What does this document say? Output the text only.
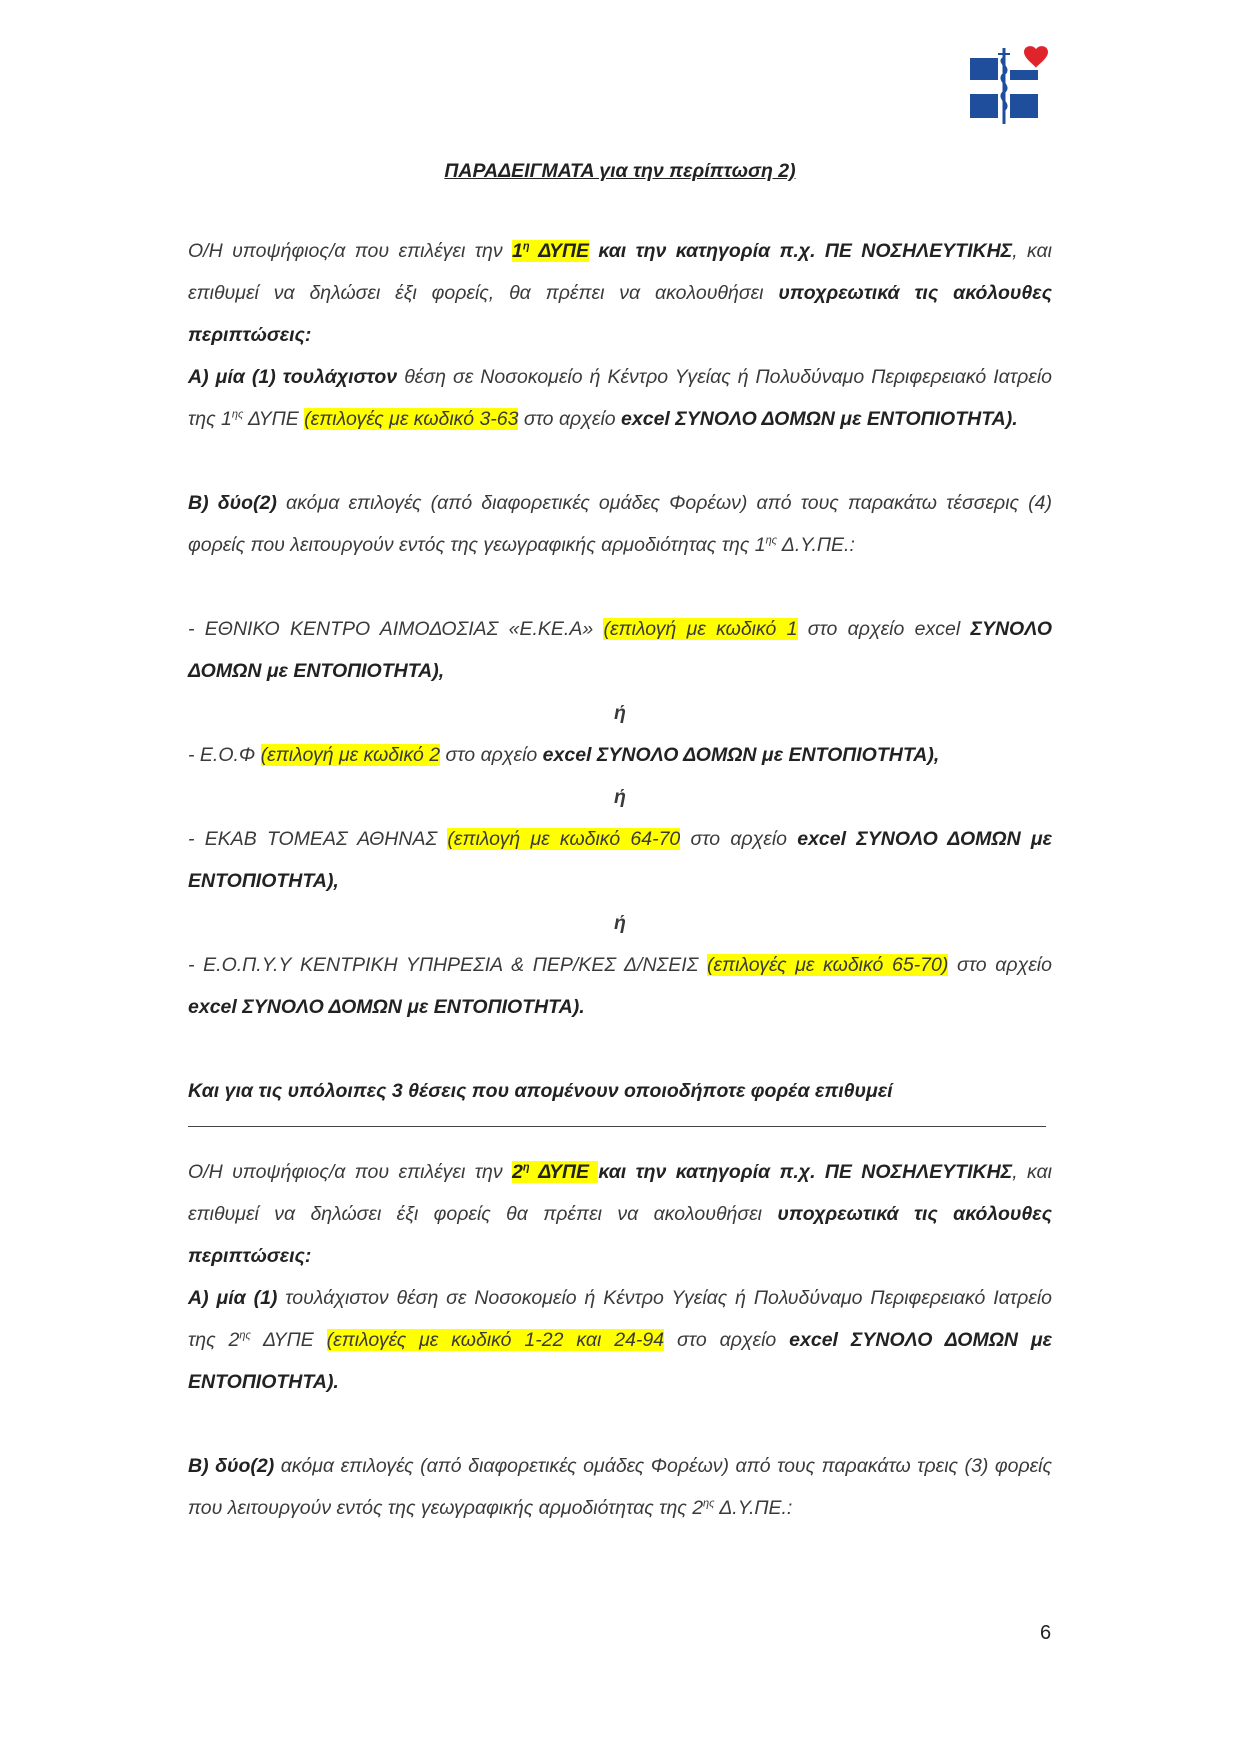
ΠΑΡΑΔΕΙΓΜΑΤΑ για την περίπτωση 2)

Ο/Η υποψήφιος/α που επιλέγει την $1^\eta$ ΔΥΠΕ και την κατηγορία π.χ. ΠΕ ΝΟΣΗΛΕΥΤΙΚΗΣ, και επιθυμεί να δηλώσει έξι φορείς, θα πρέπει να ακολουθήσει υποχρεωτικά τις ακόλουθες περιπτώσεις:

Α) μία (1) τουλάχιστον θέση σε Νοσοκομείο ή Κέντρο Υγείας ή Πολυδύναμο Περιφερειακό Ιατρείο της $1^{\eta\varsigma}$ ΔΥΠΕ (επιλογές με κωδικό 3-63 στο αρχείο excel ΣΥΝΟΛΟ ΔΟΜΩΝ με ΕΝΤΟΠΙΟΤΗΤΑ).

Β) δύο(2) ακόμα επιλογές (από διαφορετικές ομάδες Φορέων) από τους παρακάτω τέσσερις (4) φορείς που λειτουργούν εντός της γεωγραφικής αρμοδιότητας της $1^{\eta\varsigma}$ Δ.Υ.ΠΕ.:

- ΕΘΝΙΚΟ ΚΕΝΤΡΟ ΑΙΜΟΔΟΣΙΑΣ «Ε.ΚΕ.Α» (επιλογή με κωδικό 1 στο αρχείο excel ΣΥΝΟΛΟ ΔΟΜΩΝ με ΕΝΤΟΠΙΟΤΗΤΑ),

ή

- Ε.Ο.Φ (επιλογή με κωδικό 2 στο αρχείο excel ΣΥΝΟΛΟ ΔΟΜΩΝ με ΕΝΤΟΠΙΟΤΗΤΑ),

ή

- ΕΚΑΒ ΤΟΜΕΑΣ ΑΘΗΝΑΣ (επιλογή με κωδικό 64-70 στο αρχείο excel ΣΥΝΟΛΟ ΔΟΜΩΝ με ΕΝΤΟΠΙΟΤΗΤΑ),

ή

- Ε.Ο.Π.Υ.Υ ΚΕΝΤΡΙΚΗ ΥΠΗΡΕΣΙΑ & ΠΕΡ/ΚΕΣ Δ/ΝΣΕΙΣ (επιλογές με κωδικό 65-70) στο αρχείο excel ΣΥΝΟΛΟ ΔΟΜΩΝ με ΕΝΤΟΠΙΟΤΗΤΑ).

Και για τις υπόλοιπες 3 θέσεις που απομένουν οποιοδήποτε φορέα επιθυμεί

Ο/Η υποψήφιος/α που επιλέγει την $2^\eta$ ΔΥΠΕ και την κατηγορία π.χ. ΠΕ ΝΟΣΗΛΕΥΤΙΚΗΣ, και επιθυμεί να δηλώσει έξι φορείς θα πρέπει να ακολουθήσει υποχρεωτικά τις ακόλουθες περιπτώσεις:

Α) μία (1) τουλάχιστον θέση σε Νοσοκομείο ή Κέντρο Υγείας ή Πολυδύναμο Περιφερειακό Ιατρείο της $2^{\eta\varsigma}$ ΔΥΠΕ (επιλογές με κωδικό 1-22 και 24-94 στο αρχείο excel ΣΥΝΟΛΟ ΔΟΜΩΝ με ΕΝΤΟΠΙΟΤΗΤΑ).

Β) δύο(2) ακόμα επιλογές (από διαφορετικές ομάδες Φορέων) από τους παρακάτω τρεις (3) φορείς που λειτουργούν εντός της γεωγραφικής αρμοδιότητας της $2^{\eta\varsigma}$ Δ.Υ.ΠΕ.:

6
